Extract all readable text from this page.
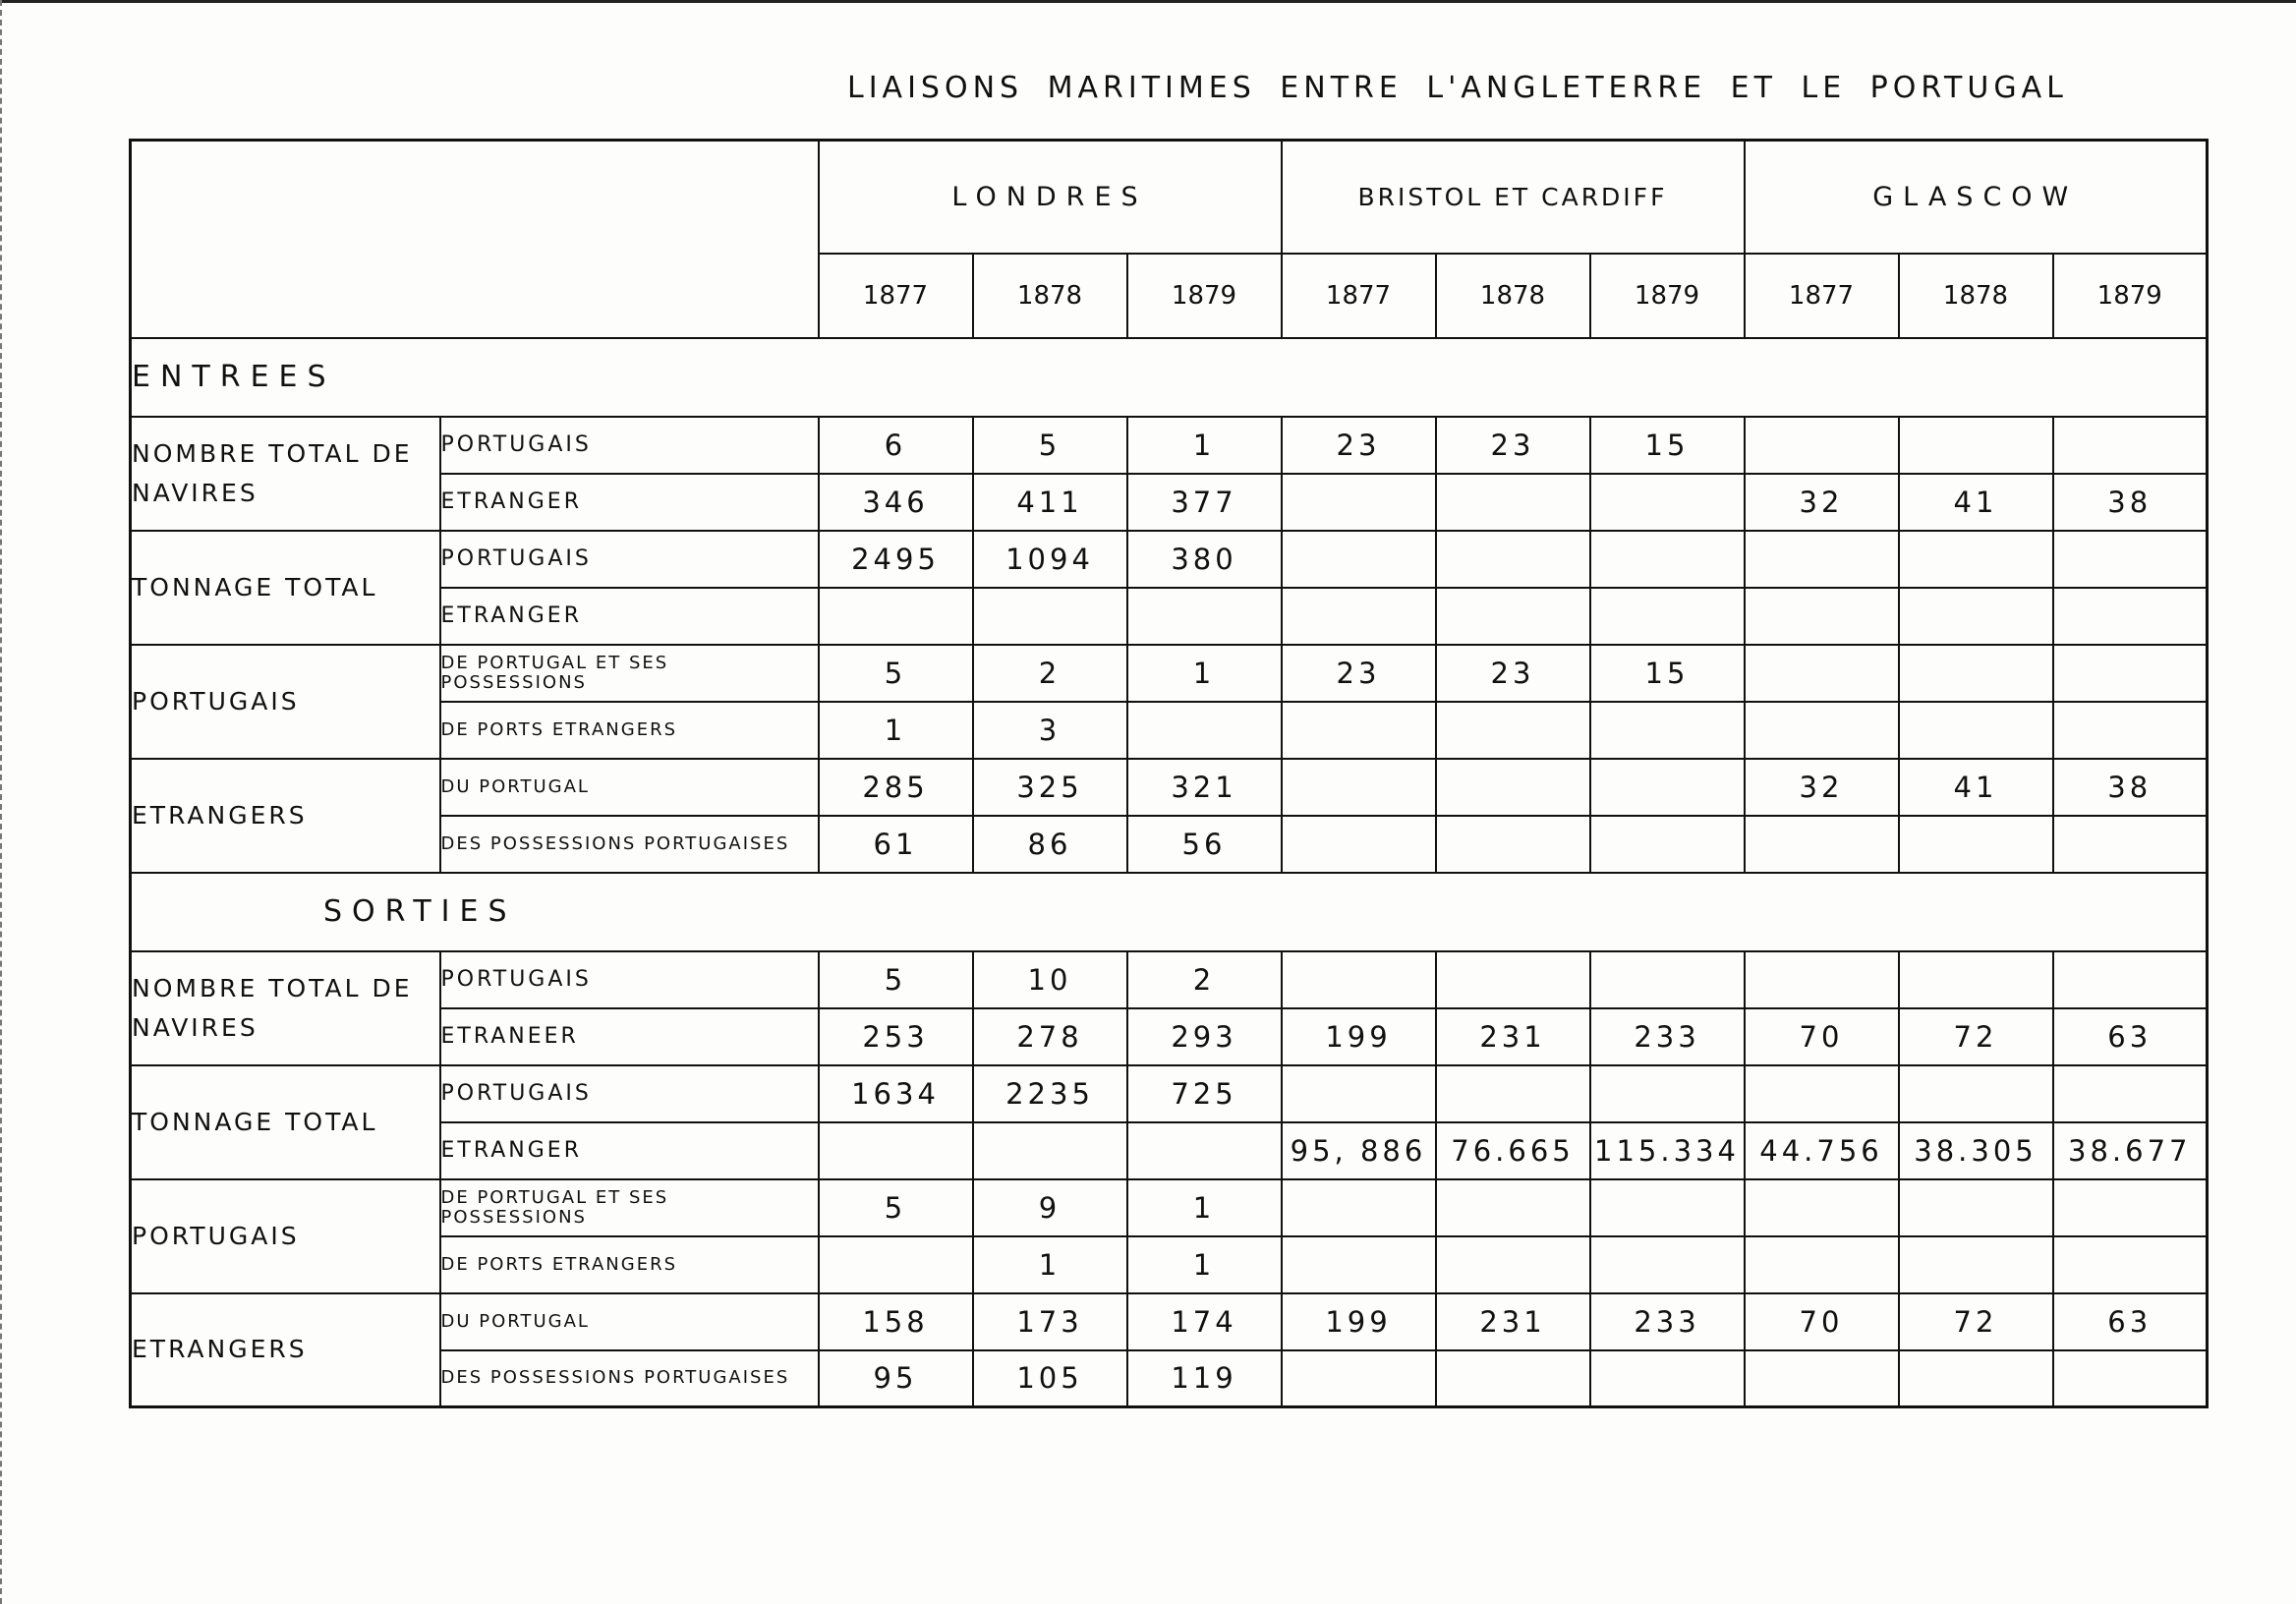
LIAISONS MARITIMES ENTRE L'ANGLETERRE ET LE PORTUGAL
		LONDRES			BRISTOL ET CARDIFF			GLASCOW		
		1877	1878	1879	1877	1878	1879	1877	1878	1879
ENTREES										
NOMBRE TOTAL DE NAVIRES	PORTUGAIS	6	5	1	23	23	15			
	ETRANGER	346	411	377				32	41	38
TONNAGE TOTAL	PORTUGAIS	2495	1094	380						
	ETRANGER									
PORTUGAIS	DE PORTUGAL ET SES POSSESSIONS	5	2	1	23	23	15			
	DE PORTS ETRANGERS	1	3							
ETRANGERS	DU PORTUGAL	285	325	321				32	41	38
	DES POSSESSIONS PORTUGAISES	61	86	56						
SORTIES										
NOMBRE TOTAL DE NAVIRES	PORTUGAIS	5	10	2						
	ETRANEER	253	278	293	199	231	233	70	72	63
TONNAGE TOTAL	PORTUGAIS	1634	2235	725						
	ETRANGER				95, 886	76.665	115.334	44.756	38.305	38.677
PORTUGAIS	DE PORTUGAL ET SES POSSESSIONS	5	9	1						
	DE PORTS ETRANGERS		1	1						
ETRANGERS	DU PORTUGAL	158	173	174	199	231	233	70	72	63
	DES POSSESSIONS PORTUGAISES	95	105	119						
